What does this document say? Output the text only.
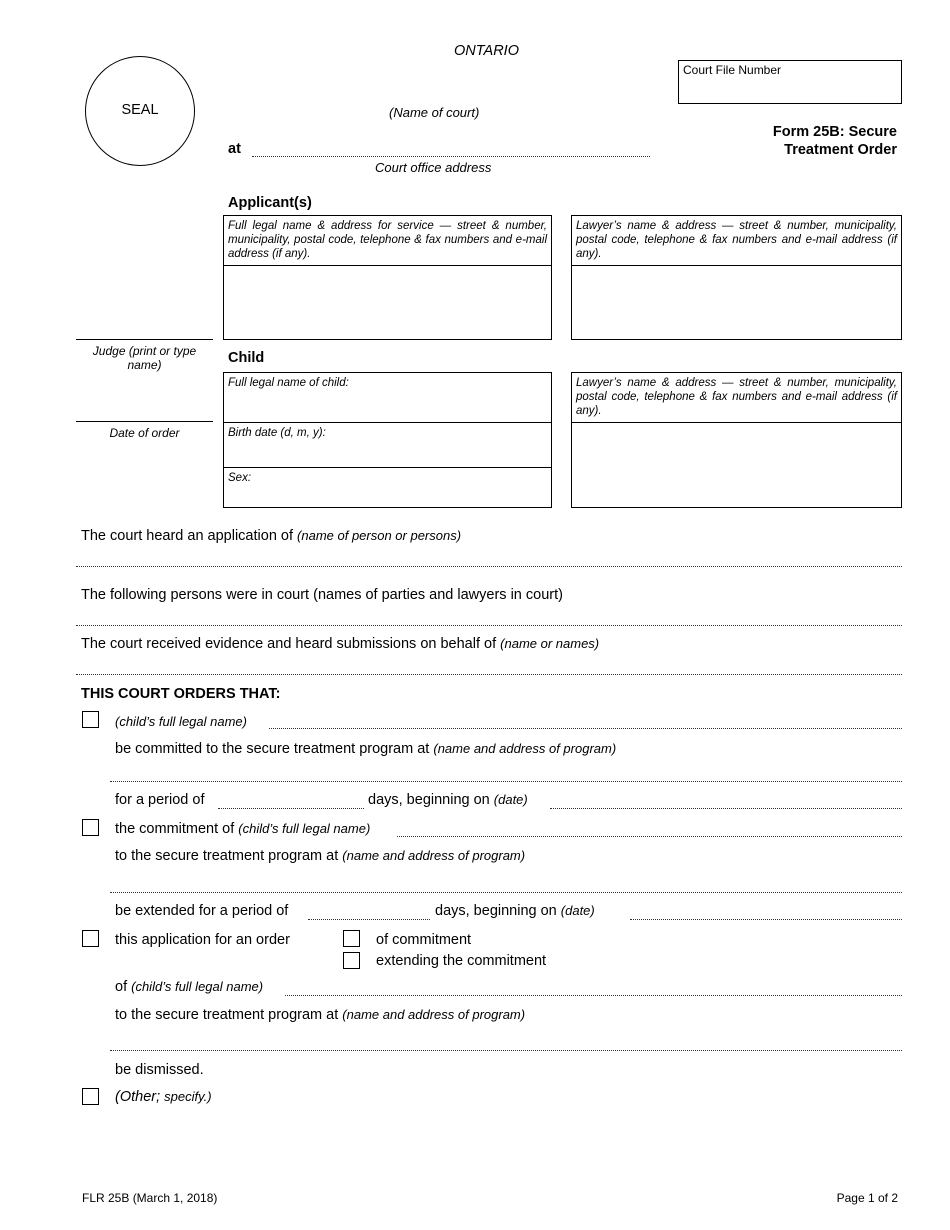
ONTARIO
SEAL	(Name of court)
at
Court office address
Court File Number
Form 25B: Secure
Treatment Order
Judge (print or type name)
Date of order
Applicant(s)
Full legal name & address for service — street & number, municipality, postal code, telephone & fax numbers and e-mail address (if any).
Lawyer’s name & address — street & number, municipality, postal code, telephone & fax numbers and e-mail address (if any).
Child
Full legal name of child:
Birth date (d, m, y):
Sex:
Lawyer’s name & address — street & number, municipality, postal code, telephone & fax numbers and e-mail address (if any).
The court heard an application of (name of person or persons)
The following persons were in court (names of parties and lawyers in court)
The court received evidence and heard submissions on behalf of (name or names)
THIS COURT ORDERS THAT:
(child’s full legal name)
be committed to the secure treatment program at (name and address of program)
for a period of	days, beginning on (date)
the commitment of (child’s full legal name)
to the secure treatment program at (name and address of program)
be extended for a period of	days, beginning on (date)
this application for an order	of commitment
extending the commitment
of (child’s full legal name)
to the secure treatment program at (name and address of program)
be dismissed.
(Other; specify.)
FLR 25B (March 1, 2018)	Page 1 of 2
